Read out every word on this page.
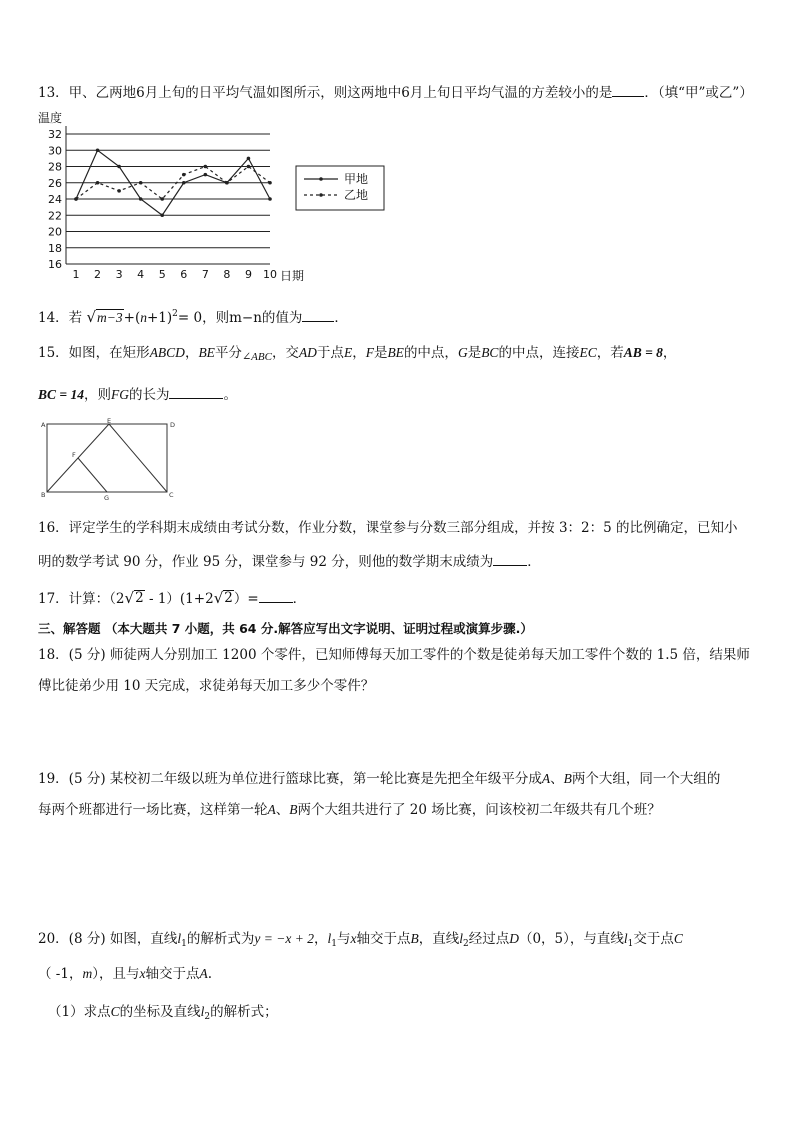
13．甲、乙两地6月上旬的日平均气温如图所示，则这两地中6月上旬日平均气温的方差较小的是 ．（填“甲”或乙”）
温度
16
18
20
22
24
26
28
30
32
1 2 3 4 5 6 7 8 9 10 日期
甲地
乙地
14．若 √ $m-3 +(n+1)^2= 0$，则m−n的值为 ．
15．如图，在矩形ABCD，BE平分$_{\angle ABC}$，交AD于点E，F是BE的中点，G是BC的中点，连接EC，若AB = 8，
BC = 14，则FG的长为	。
A	E	D
F
B	G	C
16．评定学生的学科期末成绩由考试分数，作业分数，课堂参与分数三部分组成，并按 3：2：5 的比例确定，已知小
明的数学考试 90 分，作业 95 分，课堂参与 92 分，则他的数学期末成绩为	．
17．计算：（2 √ 2 - 1）(1+2 √ 2 ）=	．
三、解答题 （本大题共 7 小题，共 64 分.解答应写出文字说明、证明过程或演算步骤.）
18．(5 分) 师徒两人分别加工 1200 个零件，已知师傅每天加工零件的个数是徒弟每天加工零件个数的 1.5 倍，结果师
傅比徒弟少用 10 天完成，求徒弟每天加工多少个零件？
19．(5 分) 某校初二年级以班为单位进行篮球比赛，第一轮比赛是先把全年级平分成A、B两个大组，同一个大组的
每两个班都进行一场比赛，这样第一轮A、B两个大组共进行了 20 场比赛，问该校初二年级共有几个班？
20．(8 分) 如图，直线$l_1$的解析式为y = −x + 2，$l_1$与x轴交于点B，直线$l_2$经过点D（0，5），与直线$l_1$交于点C
（ -1，m），且与x轴交于点A.
（1）求点C的坐标及直线$l_2$的解析式；
